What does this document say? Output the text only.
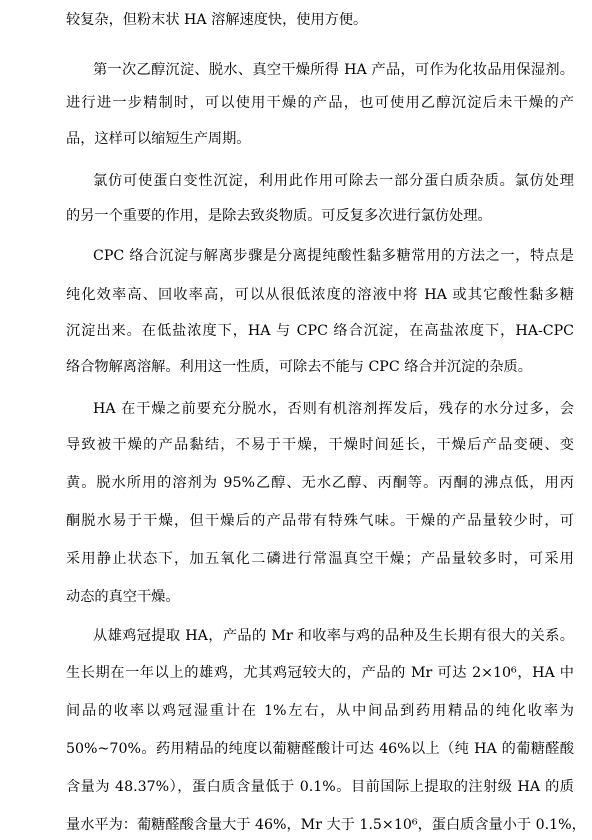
较复杂，但粉末状 HA 溶解速度快，使用方便。
第一次乙醇沉淀、脱水、真空干燥所得 HA 产品，可作为化妆品用保湿剂。
进行进一步精制时，可以使用干燥的产品，也可使用乙醇沉淀后未干燥的产
品，这样可以缩短生产周期。
氯仿可使蛋白变性沉淀，利用此作用可除去一部分蛋白质杂质。氯仿处理
的另一个重要的作用，是除去致炎物质。可反复多次进行氯仿处理。
CPC 络合沉淀与解离步骤是分离提纯酸性黏多糖常用的方法之一，特点是
纯化效率高、回收率高，可以从很低浓度的溶液中将 HA 或其它酸性黏多糖
沉淀出来。在低盐浓度下，HA 与 CPC 络合沉淀，在高盐浓度下，HA-CPC
络合物解离溶解。利用这一性质，可除去不能与 CPC 络合并沉淀的杂质。
HA 在干燥之前要充分脱水，否则有机溶剂挥发后，残存的水分过多，会
导致被干燥的产品黏结，不易于干燥，干燥时间延长，干燥后产品变硬、变
黄。脱水所用的溶剂为 95%乙醇、无水乙醇、丙酮等。丙酮的沸点低，用丙
酮脱水易于干燥，但干燥后的产品带有特殊气味。干燥的产品量较少时，可
采用静止状态下，加五氧化二磷进行常温真空干燥；产品量较多时，可采用
动态的真空干燥。
从雄鸡冠提取 HA，产品的 Mr 和收率与鸡的品种及生长期有很大的关系。
生长期在一年以上的雄鸡，尤其鸡冠较大的，产品的 Mr 可达 2×10⁶，HA 中
间品的收率以鸡冠湿重计在 1%左右，从中间品到药用精品的纯化收率为
50%~70%。药用精品的纯度以葡糖醛酸计可达 46%以上（纯 HA 的葡糖醛酸
含量为 48.37%），蛋白质含量低于 0.1%。目前国际上提取的注射级 HA 的质
量水平为：葡糖醛酸含量大于 46%，Mr 大于 1.5×10⁶，蛋白质含量小于 0.1%，
